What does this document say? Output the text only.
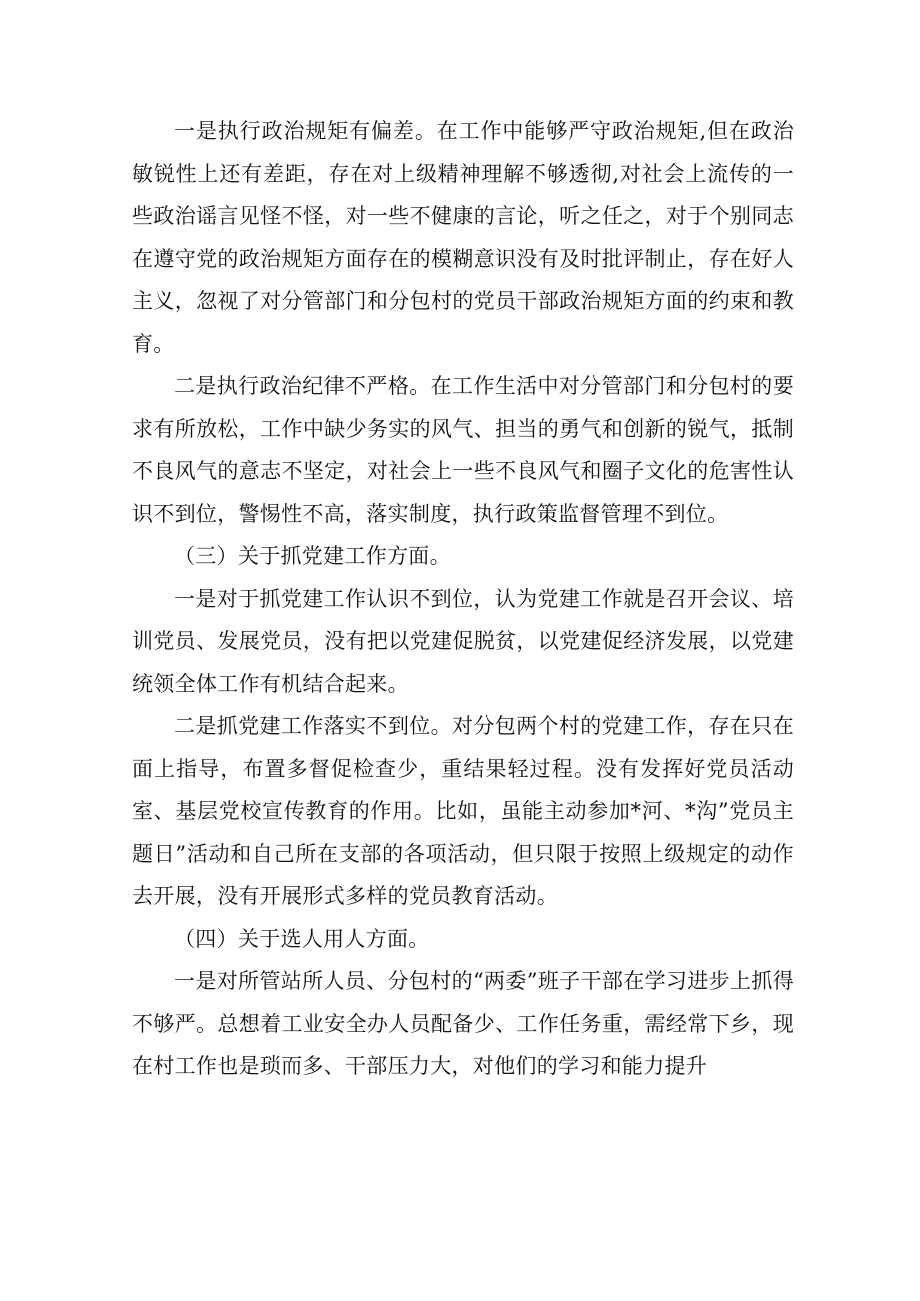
一是执行政治规矩有偏差。在工作中能够严守政治规矩,但在政治敏锐性上还有差距，存在对上级精神理解不够透彻,对社会上流传的一些政治谣言见怪不怪，对一些不健康的言论，听之任之，对于个别同志在遵守党的政治规矩方面存在的模糊意识没有及时批评制止，存在好人主义，忽视了对分管部门和分包村的党员干部政治规矩方面的约束和教育。

二是执行政治纪律不严格。在工作生活中对分管部门和分包村的要求有所放松，工作中缺少务实的风气、担当的勇气和创新的锐气，抵制不良风气的意志不坚定，对社会上一些不良风气和圈子文化的危害性认识不到位，警惕性不高，落实制度，执行政策监督管理不到位。

（三）关于抓党建工作方面。

一是对于抓党建工作认识不到位，认为党建工作就是召开会议、培训党员、发展党员，没有把以党建促脱贫，以党建促经济发展，以党建统领全体工作有机结合起来。

二是抓党建工作落实不到位。对分包两个村的党建工作，存在只在面上指导，布置多督促检查少，重结果轻过程。没有发挥好党员活动室、基层党校宣传教育的作用。比如，虽能主动参加*河、*沟”党员主题日”活动和自己所在支部的各项活动，但只限于按照上级规定的动作去开展，没有开展形式多样的党员教育活动。

（四）关于选人用人方面。

一是对所管站所人员、分包村的“两委”班子干部在学习进步上抓得不够严。总想着工业安全办人员配备少、工作任务重，需经常下乡，现在村工作也是琐而多、干部压力大，对他们的学习和能力提升
